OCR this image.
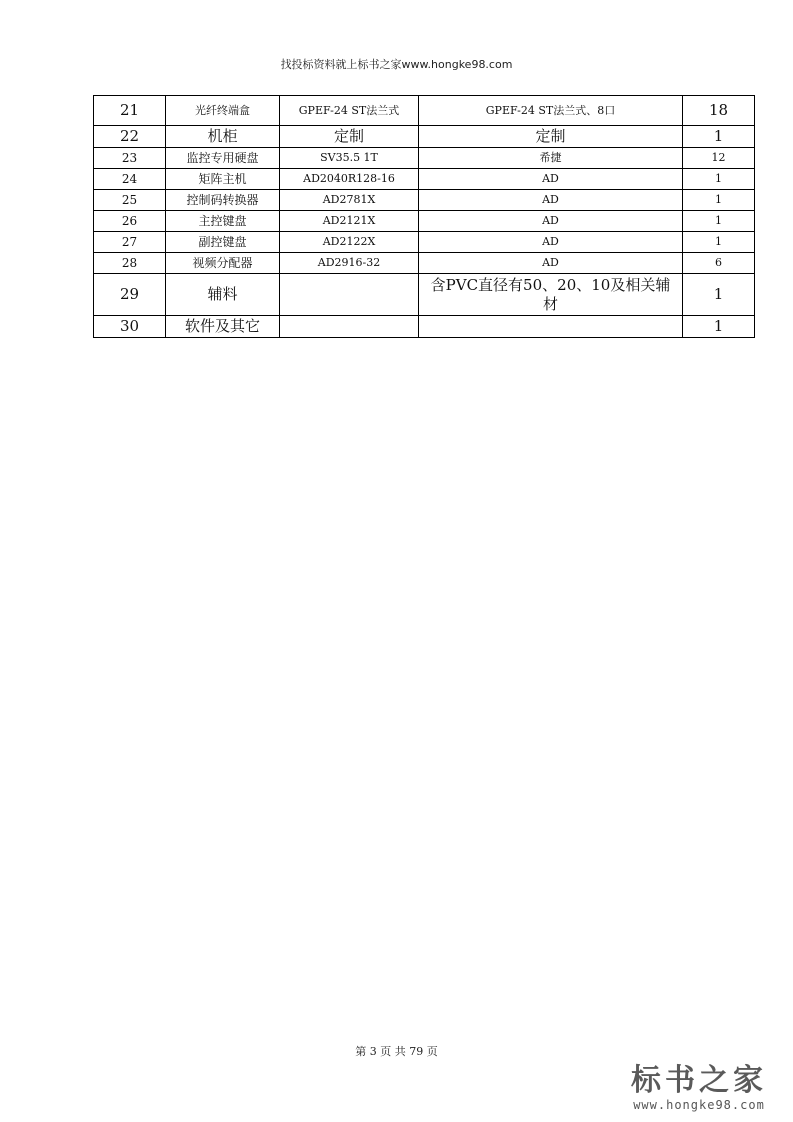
找投标资料就上标书之家www.hongke98.com
21	光纤终端盒	GPEF-24 ST法兰式	GPEF-24 ST法兰式、8口	18
22	机柜	定制	定制	1
23	监控专用硬盘	SV35.5 1T	希捷	12
24	矩阵主机	AD2040R128-16	AD	1
25	控制码转换器	AD2781X	AD	1
26	主控键盘	AD2121X	AD	1
27	副控键盘	AD2122X	AD	1
28	视频分配器	AD2916-32	AD	6
29	辅料		含PVC直径有50、20、10及相关辅材	1
30	软件及其它			1
第 3 页 共 79 页
标书之家
www.hongke98.com
